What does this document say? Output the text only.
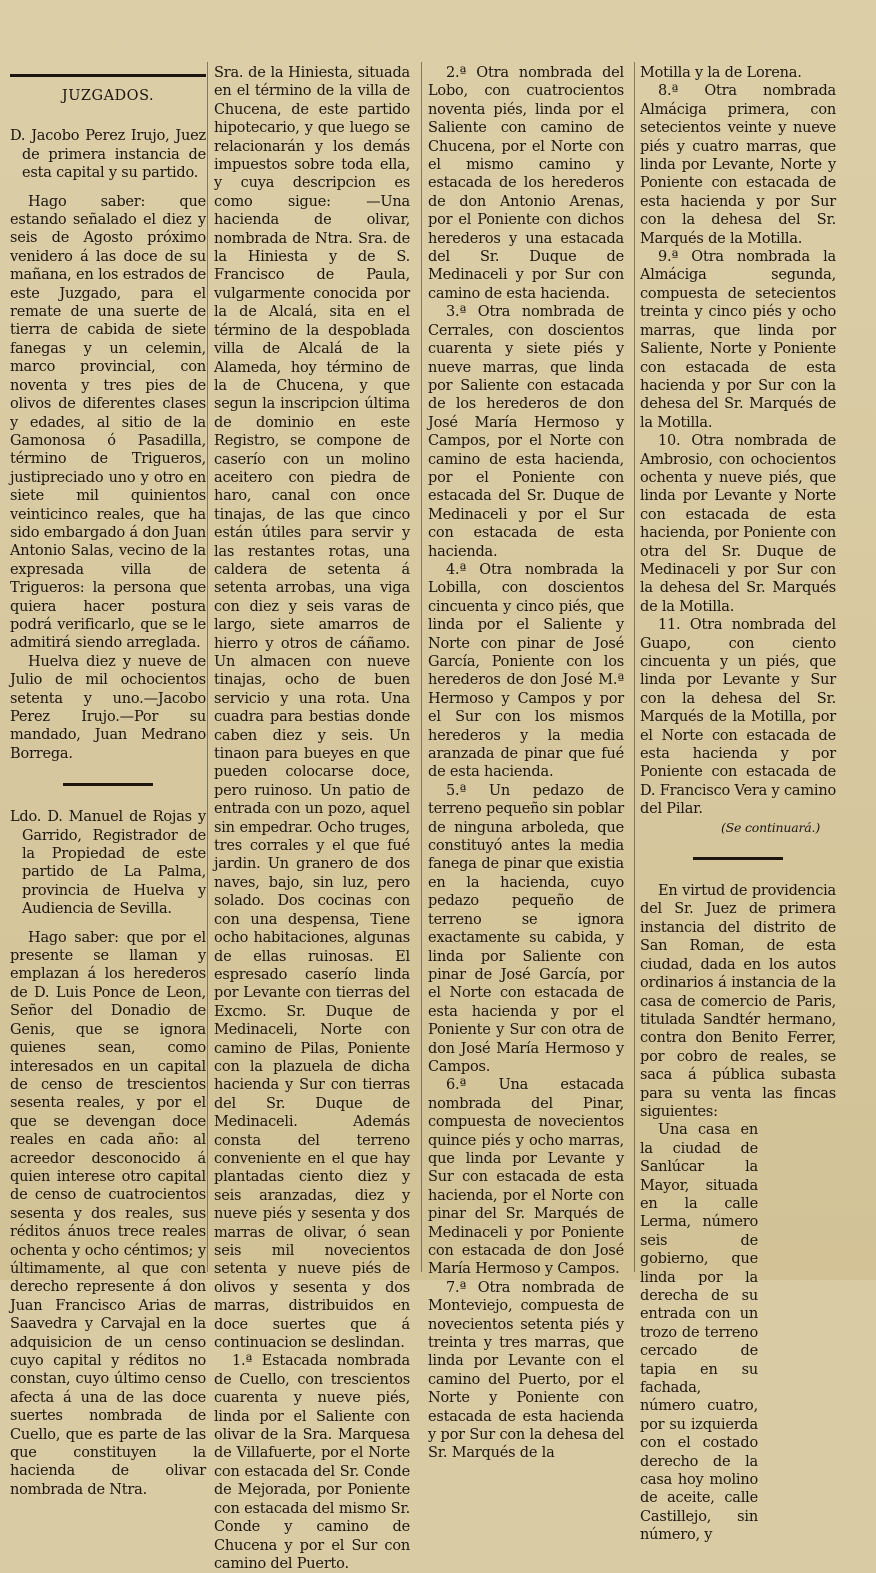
JUZGADOS.

D. Jacobo Perez Irujo, Juez de primera instancia de esta capital y su partido.

Hago saber: que estando señalado el diez y seis de Agosto próximo venidero á las doce de su mañana, en los estrados de este Juzgado, para el remate de una suerte de tierra de cabida de siete fanegas y un celemin, marco provincial, con noventa y tres pies de olivos de diferentes clases y edades, al sitio de la Gamonosa ó Pasadilla, término de Trigueros, justipreciado uno y otro en siete mil quinientos veinticinco reales, que ha sido embargado á don Juan Antonio Salas, vecino de la expresada villa de Trigueros: la persona que quiera hacer postura podrá verificarlo, que se le admitirá siendo arreglada.

Huelva diez y nueve de Julio de mil ochocientos setenta y uno.—Jacobo Perez Irujo.—Por su mandado, Juan Medrano Borrega.

Ldo. D. Manuel de Rojas y Garrido, Registrador de la Propiedad de este partido de La Palma, provincia de Huelva y Audiencia de Sevilla.

Hago saber: que por el presente se llaman y emplazan á los herederos de D. Luis Ponce de Leon, Señor del Donadio de Genis, que se ignora quienes sean, como interesados en un capital de censo de trescientos sesenta reales, y por el que se devengan doce reales en cada año: al acreedor desconocido á quien interese otro capital de censo de cuatrocientos sesenta y dos reales, sus réditos ánuos trece reales ochenta y ocho céntimos; y últimamente, al que con derecho represente á don Juan Francisco Arias de Saavedra y Carvajal en la adquisicion de un censo cuyo capital y réditos no constan, cuyo último censo afecta á una de las doce suertes nombrada de Cuello, que es parte de las que constituyen la hacienda de olivar nombrada de Ntra.

Sra. de la Hiniesta, situada en el término de la villa de Chucena, de este partido hipotecario, y que luego se relacionarán y los demás impuestos sobre toda ella, y cuya descripcion es como sigue: —Una hacienda de olivar, nombrada de Ntra. Sra. de la Hiniesta y de S. Francisco de Paula, vulgarmente conocida por la de Alcalá, sita en el término de la despoblada villa de Alcalá de la Alameda, hoy término de la de Chucena, y que segun la inscripcion última de dominio en este Registro, se compone de caserío con un molino aceitero con piedra de haro, canal con once tinajas, de las que cinco están útiles para servir y las restantes rotas, una caldera de setenta á setenta arrobas, una viga con diez y seis varas de largo, siete amarros de hierro y otros de cáñamo. Un almacen con nueve tinajas, ocho de buen servicio y una rota. Una cuadra para bestias donde caben diez y seis. Un tinaon para bueyes en que pueden colocarse doce, pero ruinoso. Un patio de entrada con un pozo, aquel sin empedrar. Ocho truges, tres corrales y el que fué jardin. Un granero de dos naves, bajo, sin luz, pero solado. Dos cocinas con con una despensa, Tiene ocho habitaciones, algunas de ellas ruinosas. El espresado caserío linda por Levante con tierras del Excmo. Sr. Duque de Medinaceli, Norte con camino de Pilas, Poniente con la plazuela de dicha hacienda y Sur con tierras del Sr. Duque de Medinaceli. Además consta del terreno conveniente en el que hay plantadas ciento diez y seis aranzadas, diez y nueve piés y sesenta y dos marras de olivar, ó sean seis mil novecientos setenta y nueve piés de olivos y sesenta y dos marras, distribuidos en doce suertes que á continuacion se deslindan.

1.ª Estacada nombrada de Cuello, con trescientos cuarenta y nueve piés, linda por el Saliente con olivar de la Sra. Marquesa de Villafuerte, por el Norte con estacada del Sr. Conde de Mejorada, por Poniente con estacada del mismo Sr. Conde y camino de Chucena y por el Sur con camino del Puerto.

2.ª Otra nombrada del Lobo, con cuatrocientos noventa piés, linda por el Saliente con camino de Chucena, por el Norte con el mismo camino y estacada de los herederos de don Antonio Arenas, por el Poniente con dichos herederos y una estacada del Sr. Duque de Medinaceli y por Sur con camino de esta hacienda.

3.ª Otra nombrada de Cerrales, con doscientos cuarenta y siete piés y nueve marras, que linda por Saliente con estacada de los herederos de don José María Hermoso y Campos, por el Norte con camino de esta hacienda, por el Poniente con estacada del Sr. Duque de Medinaceli y por el Sur con estacada de esta hacienda.

4.ª Otra nombrada la Lobilla, con doscientos cincuenta y cinco piés, que linda por el Saliente y Norte con pinar de José García, Poniente con los herederos de don José M.ª Hermoso y Campos y por el Sur con los mismos herederos y la media aranzada de pinar que fué de esta hacienda.

5.ª Un pedazo de terreno pequeño sin poblar de ninguna arboleda, que constituyó antes la media fanega de pinar que existia en la hacienda, cuyo pedazo pequeño de terreno se ignora exactamente su cabida, y linda por Saliente con pinar de José García, por el Norte con estacada de esta hacienda y por el Poniente y Sur con otra de don José María Hermoso y Campos.

6.ª Una estacada nombrada del Pinar, compuesta de novecientos quince piés y ocho marras, que linda por Levante y Sur con estacada de esta hacienda, por el Norte con pinar del Sr. Marqués de Medinaceli y por Poniente con estacada de don José María Hermoso y Campos.

7.ª Otra nombrada de Monteviejo, compuesta de novecientos setenta piés y treinta y tres marras, que linda por Levante con el camino del Puerto, por el Norte y Poniente con estacada de esta hacienda y por Sur con la dehesa del Sr. Marqués de la

Motilla y la de Lorena.

8.ª Otra nombrada Almáciga primera, con setecientos veinte y nueve piés y cuatro marras, que linda por Levante, Norte y Poniente con estacada de esta hacienda y por Sur con la dehesa del Sr. Marqués de la Motilla.

9.ª Otra nombrada la Almáciga segunda, compuesta de setecientos treinta y cinco piés y ocho marras, que linda por Saliente, Norte y Poniente con estacada de esta hacienda y por Sur con la dehesa del Sr. Marqués de la Motilla.

10. Otra nombrada de Ambrosio, con ochocientos ochenta y nueve piés, que linda por Levante y Norte con estacada de esta hacienda, por Poniente con otra del Sr. Duque de Medinaceli y por Sur con la dehesa del Sr. Marqués de la Motilla.

11. Otra nombrada del Guapo, con ciento cincuenta y un piés, que linda por Levante y Sur con la dehesa del Sr. Marqués de la Motilla, por el Norte con estacada de esta hacienda y por Poniente con estacada de D. Francisco Vera y camino del Pilar.

(Se continuará.)

En virtud de providencia del Sr. Juez de primera instancia del distrito de San Roman, de esta ciudad, dada en los autos ordinarios á instancia de la casa de comercio de Paris, titulada Sandtér hermano, contra don Benito Ferrer, por cobro de reales, se saca á pública subasta para su venta las fincas siguientes:

Una casa en la ciudad de Sanlúcar la Mayor, situada en la calle Lerma, número seis de gobierno, que linda por la derecha de su entrada con un trozo de terreno cercado de tapia en su fachada, número cuatro, por su izquierda con el costado derecho de la casa hoy molino de aceite, calle Castillejo, sin número, y
